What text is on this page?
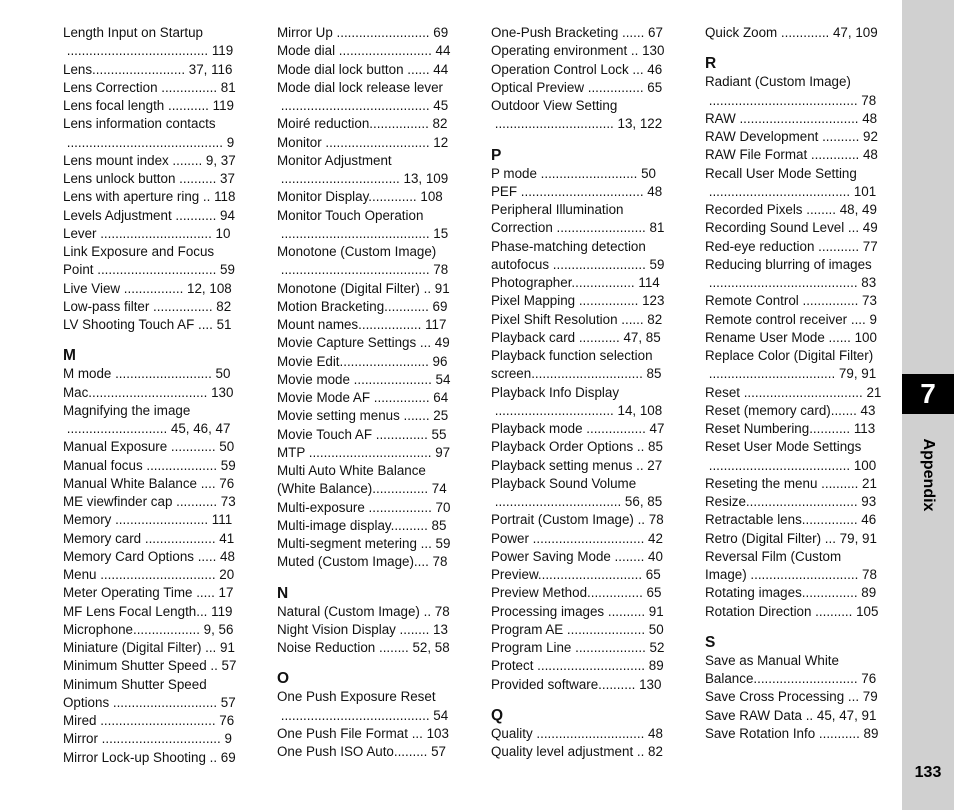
Length Input on Startup
...................................... 119
Lens......................... 37, 116
Lens Correction ............... 81
Lens focal length ........... 119
Lens information contacts
.......................................... 9
Lens mount index ........ 9, 37
Lens unlock button .......... 37
Lens with aperture ring .. 118
Levels Adjustment ........... 94
Lever .............................. 10
Link Exposure and Focus
Point ................................ 59
Live View ................ 12, 108
Low-pass filter ................ 82
LV Shooting Touch AF .... 51
M
M mode .......................... 50
Mac................................ 130
Magnifying the image
........................... 45, 46, 47
Manual Exposure ............ 50
Manual focus ................... 59
Manual White Balance .... 76
ME viewfinder cap ........... 73
Memory ......................... 111
Memory card ................... 41
Memory Card Options ..... 48
Menu ............................... 20
Meter Operating Time ..... 17
MF Lens Focal Length... 119
Microphone.................. 9, 56
Miniature (Digital Filter) ... 91
Minimum Shutter Speed .. 57
Minimum Shutter Speed
Options ............................ 57
Mired ............................... 76
Mirror ................................ 9
Mirror Lock-up Shooting .. 69
Mirror Up ......................... 69
Mode dial ......................... 44
Mode dial lock button ...... 44
Mode dial lock release lever
........................................ 45
Moiré reduction................ 82
Monitor ............................ 12
Monitor Adjustment
................................ 13, 109
Monitor Display............. 108
Monitor Touch Operation
........................................ 15
Monotone (Custom Image)
........................................ 78
Monotone (Digital Filter) .. 91
Motion Bracketing............ 69
Mount names................. 117
Movie Capture Settings ... 49
Movie Edit........................ 96
Movie mode ..................... 54
Movie Mode AF ............... 64
Movie setting menus ....... 25
Movie Touch AF .............. 55
MTP ................................. 97
Multi Auto White Balance
(White Balance)............... 74
Multi-exposure ................. 70
Multi-image display.......... 85
Multi-segment metering ... 59
Muted (Custom Image).... 78
N
Natural (Custom Image) .. 78
Night Vision Display ........ 13
Noise Reduction ........ 52, 58
O
One Push Exposure Reset
........................................ 54
One Push File Format ... 103
One Push ISO Auto......... 57
One-Push Bracketing ...... 67
Operating environment .. 130
Operation Control Lock ... 46
Optical Preview ............... 65
Outdoor View Setting
................................ 13, 122
P
P mode .......................... 50
PEF ................................. 48
Peripheral Illumination
Correction ........................ 81
Phase-matching detection
autofocus ......................... 59
Photographer................. 114
Pixel Mapping ................ 123
Pixel Shift Resolution ...... 82
Playback card ........... 47, 85
Playback function selection
screen.............................. 85
Playback Info Display
................................ 14, 108
Playback mode ................ 47
Playback Order Options .. 85
Playback setting menus .. 27
Playback Sound Volume
.................................. 56, 85
Portrait (Custom Image) .. 78
Power .............................. 42
Power Saving Mode ........ 40
Preview............................ 65
Preview Method............... 65
Processing images .......... 91
Program AE ..................... 50
Program Line ................... 52
Protect ............................. 89
Provided software.......... 130
Q
Quality ............................. 48
Quality level adjustment .. 82
Quick Zoom ............. 47, 109
R
Radiant (Custom Image)
........................................ 78
RAW ................................ 48
RAW Development .......... 92
RAW File Format ............. 48
Recall User Mode Setting
...................................... 101
Recorded Pixels ........ 48, 49
Recording Sound Level ... 49
Red-eye reduction ........... 77
Reducing blurring of images
........................................ 83
Remote Control ............... 73
Remote control receiver .... 9
Rename User Mode ...... 100
Replace Color (Digital Filter)
.................................. 79, 91
Reset ................................ 21
Reset (memory card)....... 43
Reset Numbering........... 113
Reset User Mode Settings
...................................... 100
Reseting the menu .......... 21
Resize.............................. 93
Retractable lens............... 46
Retro (Digital Filter) ... 79, 91
Reversal Film (Custom
Image) ............................. 78
Rotating images............... 89
Rotation Direction .......... 105
S
Save as Manual White
Balance............................ 76
Save Cross Processing ... 79
Save RAW Data .. 45, 47, 91
Save Rotation Info ........... 89
7
Appendix
133
